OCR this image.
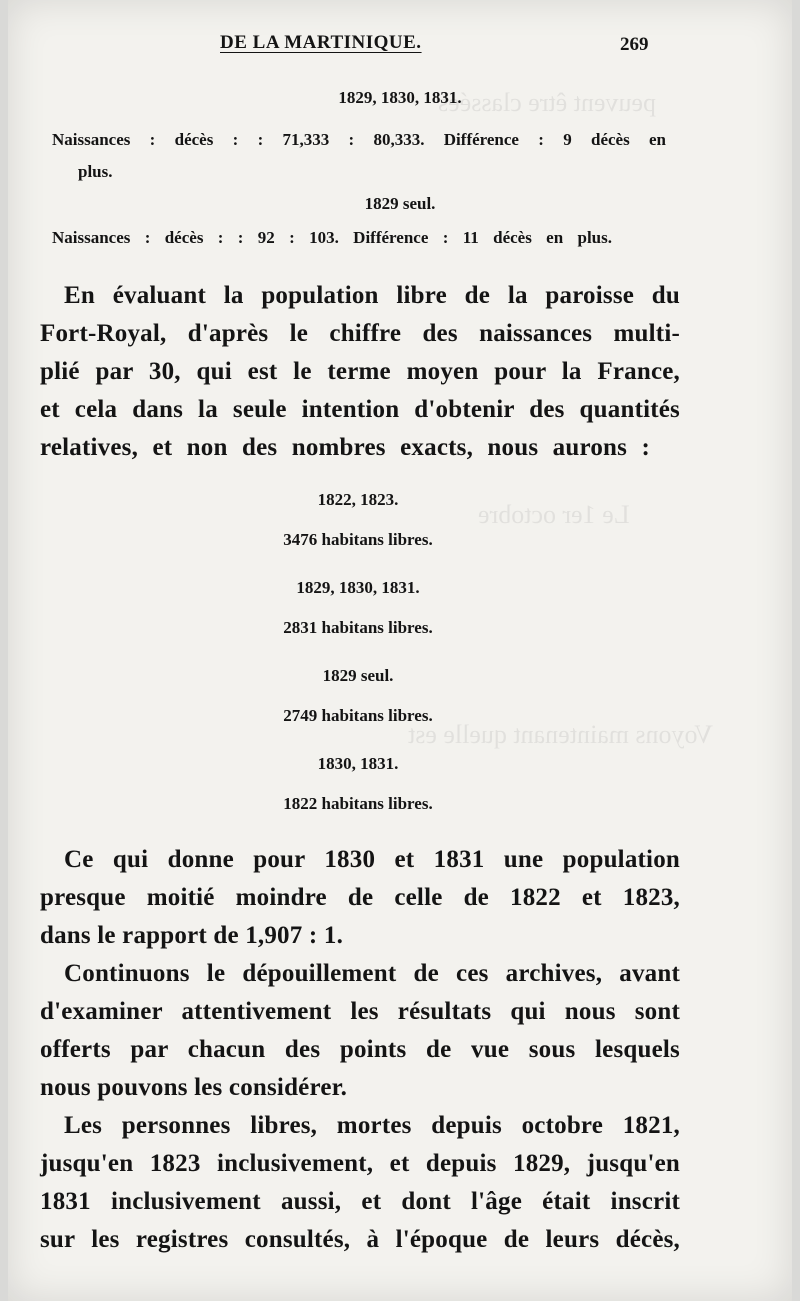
peuvent être classées
Le 1er octobre
Voyons maintenant quelle est
DE LA MARTINIQUE.	269
1829, 1830, 1831.
Naissances : décès : : 71,333 : 80,333. Différence : 9 décès en
plus.
1829 seul.
Naissances : décès : : 92 : 103. Différence : 11 décès en plus.
En évaluant la population libre de la paroisse du
Fort-Royal, d'après le chiffre des naissances multi-
plié par 30, qui est le terme moyen pour la France,
et cela dans la seule intention d'obtenir des quantités
relatives, et non des nombres exacts, nous aurons :
1822, 1823.
3476 habitans libres.
1829, 1830, 1831.
2831 habitans libres.
1829 seul.
2749 habitans libres.
1830, 1831.
1822 habitans libres.
Ce qui donne pour 1830 et 1831 une population
presque moitié moindre de celle de 1822 et 1823,
dans le rapport de 1,907 : 1.
Continuons le dépouillement de ces archives, avant
d'examiner attentivement les résultats qui nous sont
offerts par chacun des points de vue sous lesquels
nous pouvons les considérer.
Les personnes libres, mortes depuis octobre 1821,
jusqu'en 1823 inclusivement, et depuis 1829, jusqu'en
1831 inclusivement aussi, et dont l'âge était inscrit
sur les registres consultés, à l'époque de leurs décès,
